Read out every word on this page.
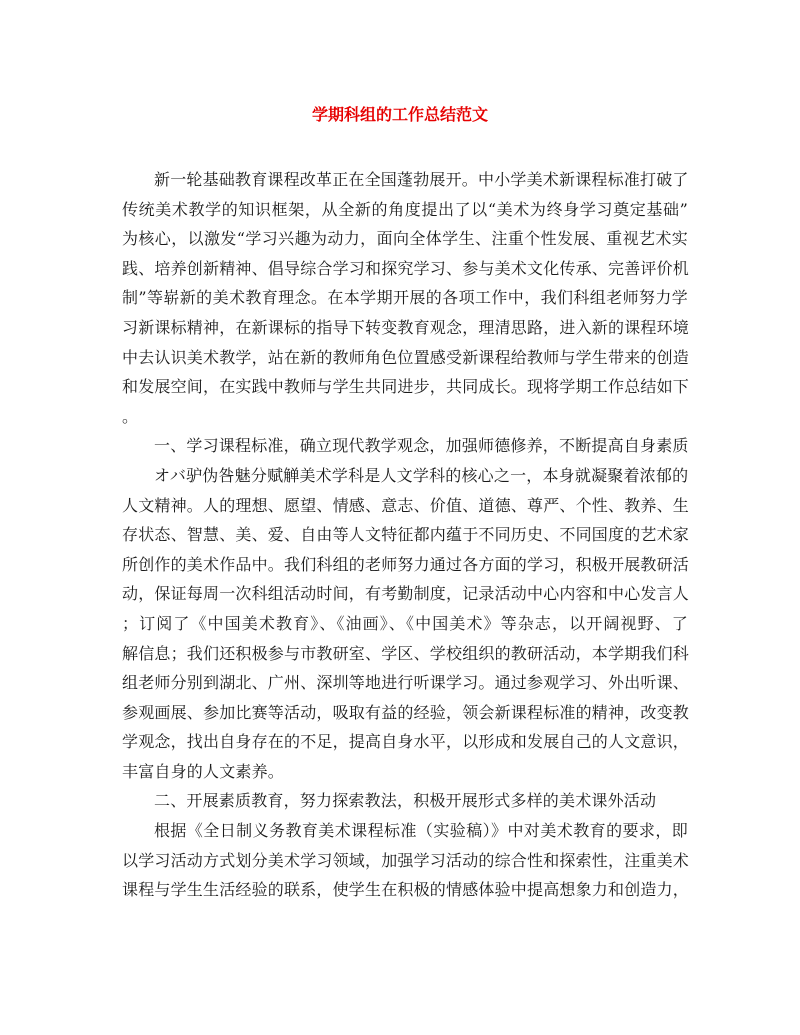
学期科组的工作总结范文
新一轮基础教育课程改革正在全国蓬勃展开。中小学美术新课程标准打破了
传统美术教学的知识框架，从全新的角度提出了以“美术为终身学习奠定基础”
为核心，以激发“学习兴趣为动力，面向全体学生、注重个性发展、重视艺术实
践、培养创新精神、倡导综合学习和探究学习、参与美术文化传承、完善评价机
制”等崭新的美术教育理念。在本学期开展的各项工作中，我们科组老师努力学
习新课标精神，在新课标的指导下转变教育观念，理清思路，进入新的课程环境
中去认识美术教学，站在新的教师角色位置感受新课程给教师与学生带来的创造
和发展空间，在实践中教师与学生共同进步，共同成长。现将学期工作总结如下
。
一、学习课程标准，确立现代教学观念，加强师德修养，不断提高自身素质
オバ驴伪咎魅分赋觯美术学科是人文学科的核心之一，本身就凝聚着浓郁的
人文精神。人的理想、愿望、情感、意志、价值、道德、尊严、个性、教养、生
存状态、智慧、美、爱、自由等人文特征都内蕴于不同历史、不同国度的艺术家
所创作的美术作品中。我们科组的老师努力通过各方面的学习，积极开展教研活
动，保证每周一次科组活动时间，有考勤制度，记录活动中心内容和中心发言人
；订阅了《中国美术教育》、《油画》、《中国美术》等杂志，以开阔视野、了
解信息；我们还积极参与市教研室、学区、学校组织的教研活动，本学期我们科
组老师分别到湖北、广州、深圳等地进行听课学习。通过参观学习、外出听课、
参观画展、参加比赛等活动，吸取有益的经验，领会新课程标准的精神，改变教
学观念，找出自身存在的不足，提高自身水平，以形成和发展自己的人文意识，
丰富自身的人文素养。
二、开展素质教育，努力探索教法，积极开展形式多样的美术课外活动
根据《全日制义务教育美术课程标准（实验稿）》中对美术教育的要求，即
以学习活动方式划分美术学习领域，加强学习活动的综合性和探索性，注重美术
课程与学生生活经验的联系，使学生在积极的情感体验中提高想象力和创造力，
